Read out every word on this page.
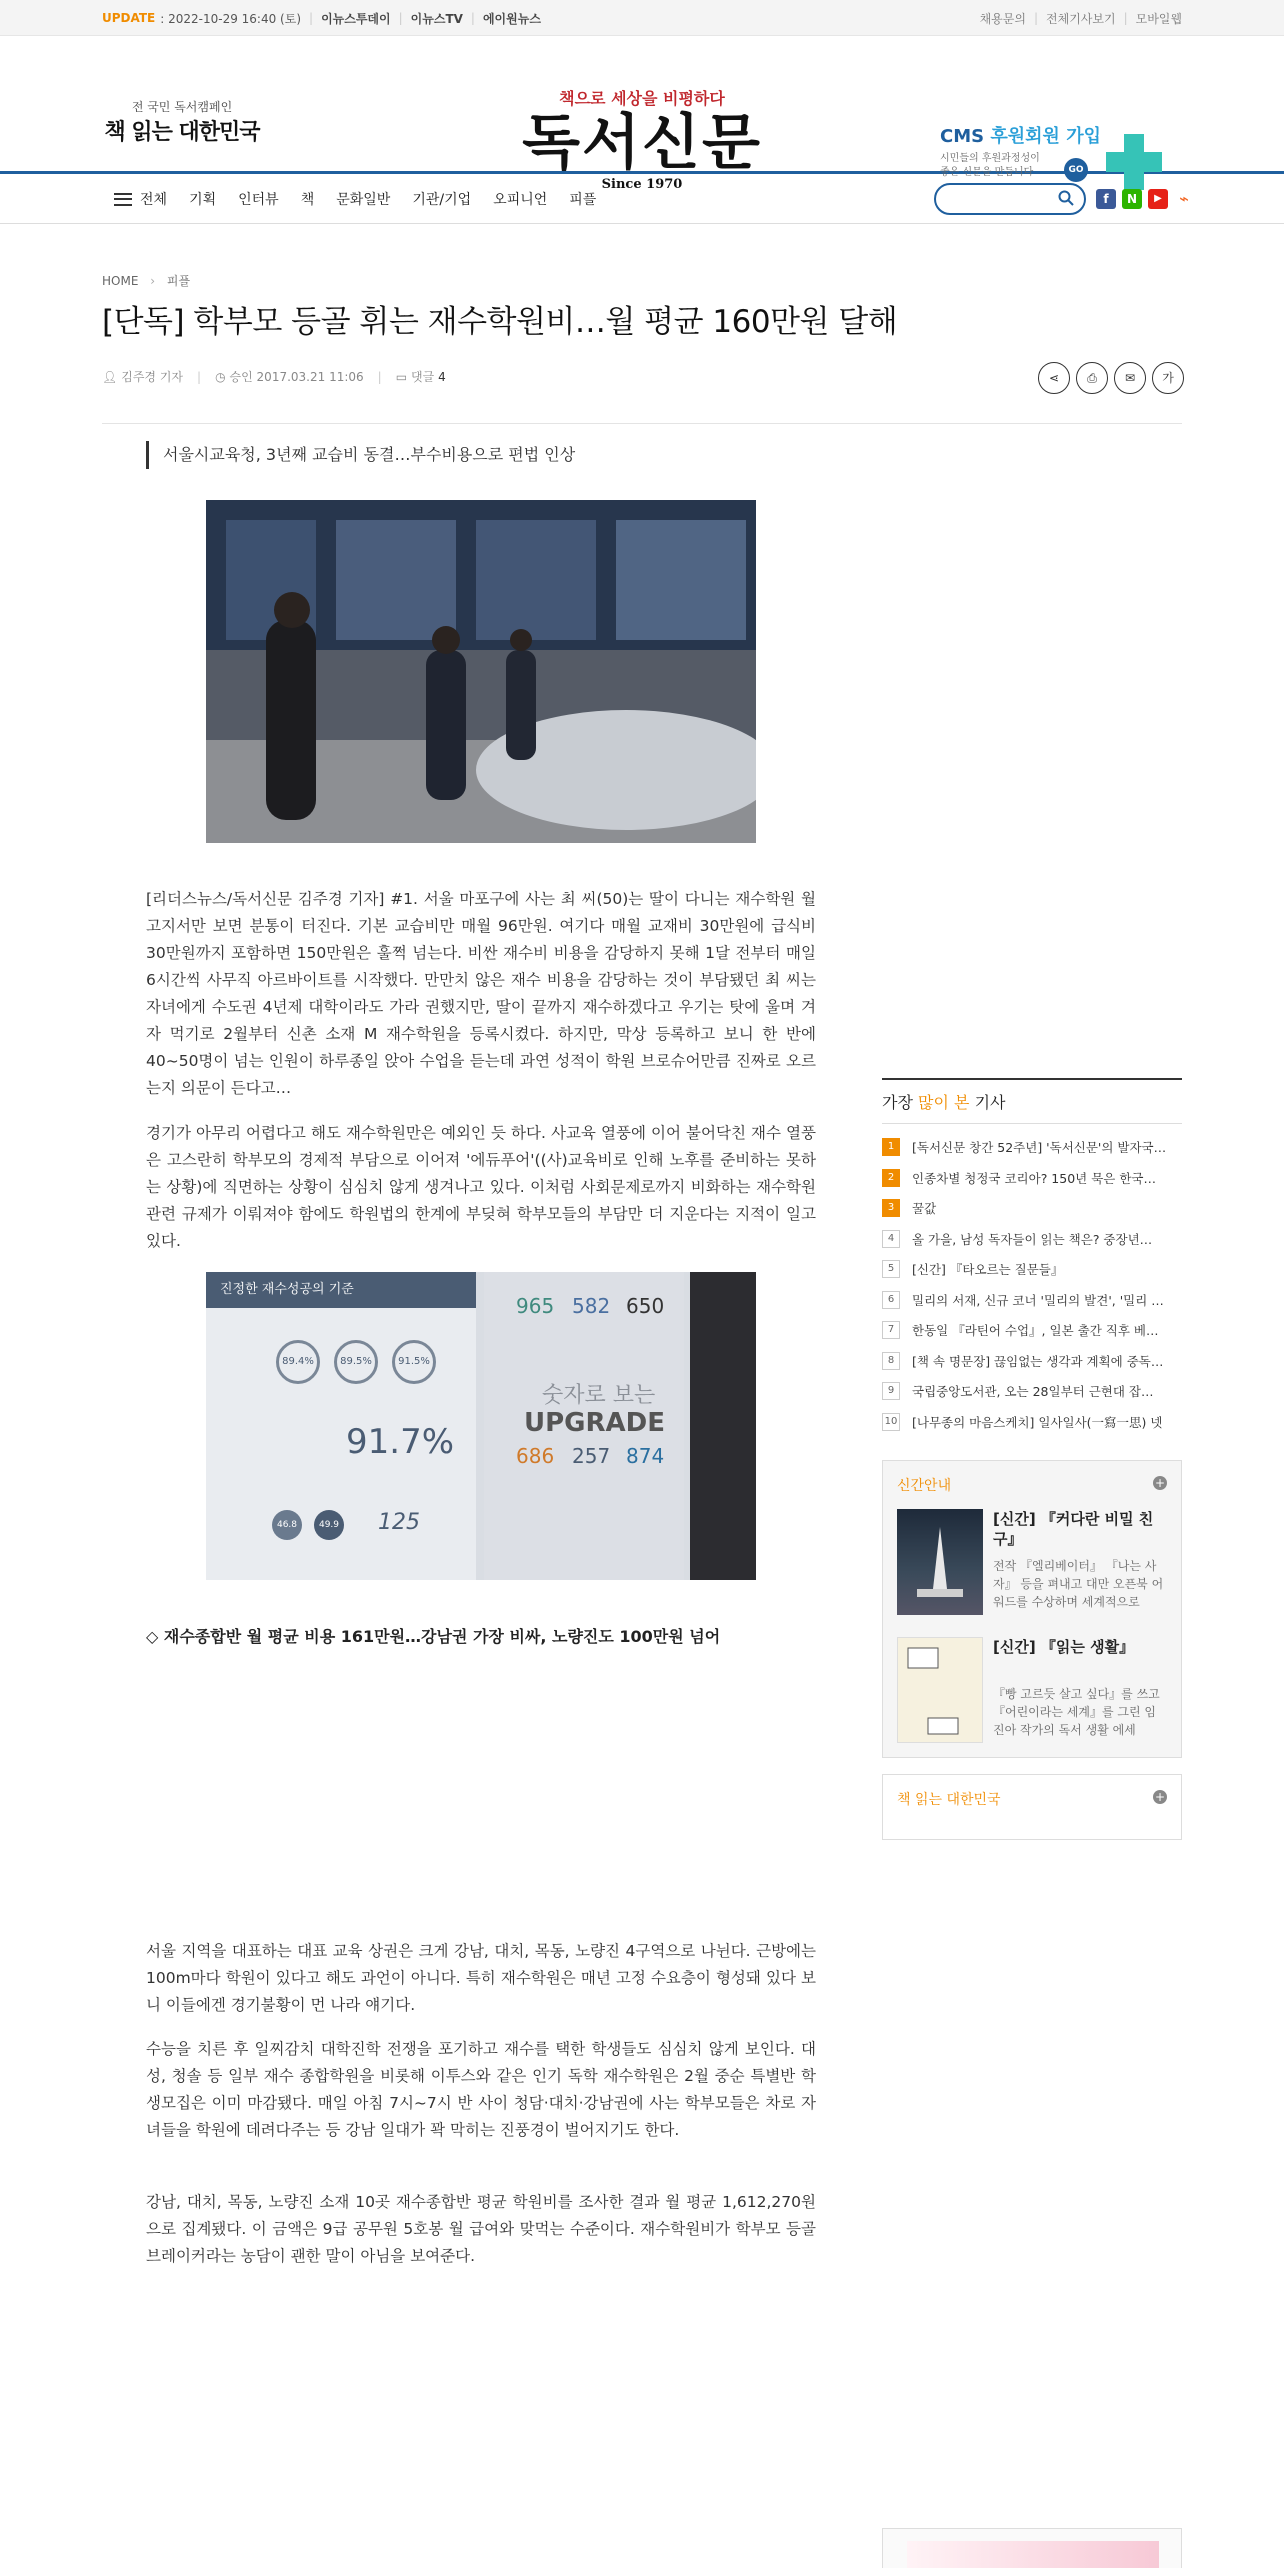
UPDATE : 2022-10-29 16:40 (토) | 이뉴스투데이 | 이뉴스TV | 에이원뉴스	채용문의 | 전체기사보기 | 모바일웹
전 국민 독서캠페인
책 읽는 대한민국
책으로 세상을 비평하다
독서신문
Since 1970
CMS 후원회원 가입
시민들의 후원과정성이
좋은 신문을 만듭니다	GO
전체 기획 인터뷰 책 문화일반 기관/기업 오피니언 피플	f	N	▶	⌁
HOME › 피플
[단독] 학부모 등골 휘는 재수학원비…월 평균 160만원 달해
👤︎ 김주경 기자 | ◷ 승인 2017.03.21 11:06 | ▭ 댓글 4	⋖	⎙	✉	가
서울시교육청, 3년째 교습비 동결…부수비용으로 편법 인상

[리더스뉴스/독서신문 김주경 기자] #1. 서울 마포구에 사는 최 씨(50)는 딸이 다니는 재수학원 월 고지서만 보면 분통이 터진다. 기본 교습비만 매월 96만원. 여기다 매월 교재비 30만원에 급식비 30만원까지 포함하면 150만원은 훌쩍 넘는다. 비싼 재수비 비용을 감당하지 못해 1달 전부터 매일 6시간씩 사무직 아르바이트를 시작했다. 만만치 않은 재수 비용을 감당하는 것이 부담됐던 최 씨는 자녀에게 수도권 4년제 대학이라도 가라 권했지만, 딸이 끝까지 재수하겠다고 우기는 탓에 울며 겨자 먹기로 2월부터 신촌 소재 M 재수학원을 등록시켰다. 하지만, 막상 등록하고 보니 한 반에 40~50명이 넘는 인원이 하루종일 앉아 수업을 듣는데 과연 성적이 학원 브로슈어만큼 진짜로 오르는지 의문이 든다고…

경기가 아무리 어렵다고 해도 재수학원만은 예외인 듯 하다. 사교육 열풍에 이어 불어닥친 재수 열풍은 고스란히 학부모의 경제적 부담으로 이어져 '에듀푸어'((사)교육비로 인해 노후를 준비하는 못하는 상황)에 직면하는 상황이 심심치 않게 생겨나고 있다. 이처럼 사회문제로까지 비화하는 재수학원 관련 규제가 이뤄져야 함에도 학원법의 한계에 부딪혀 학부모들의 부담만 더 지운다는 지적이 일고 있다.

진정한 재수성공의 기준
89.4%	89.5%	91.5%
91.7%
46.8	49.9 125
965 582 650
숫자로 보는
UPGRADE
686 257 874
◇ 재수종합반 월 평균 비용 161만원…강남권 가장 비싸, 노량진도 100만원 넘어

서울 지역을 대표하는 대표 교육 상권은 크게 강남, 대치, 목동, 노량진 4구역으로 나뉜다. 근방에는 100m마다 학원이 있다고 해도 과언이 아니다. 특히 재수학원은 매년 고정 수요층이 형성돼 있다 보니 이들에겐 경기불황이 먼 나라 얘기다.

수능을 치른 후 일찌감치 대학진학 전쟁을 포기하고 재수를 택한 학생들도 심심치 않게 보인다. 대성, 청솔 등 일부 재수 종합학원을 비롯해 이투스와 같은 인기 독학 재수학원은 2월 중순 특별반 학생모집은 이미 마감됐다. 매일 아침 7시~7시 반 사이 청담·대치·강남권에 사는 학부모들은 차로 자녀들을 학원에 데려다주는 등 강남 일대가 꽉 막히는 진풍경이 벌어지기도 한다.

강남, 대치, 목동, 노량진 소재 10곳 재수종합반 평균 학원비를 조사한 결과 월 평균 1,612,270원으로 집계됐다. 이 금액은 9급 공무원 5호봉 월 급여와 맞먹는 수준이다. 재수학원비가 학부모 등골 브레이커라는 농담이 괜한 말이 아님을 보여준다.

가장 많이 본 기사
1	[독서신문 창간 52주년] '독서신문'의 발자국…
2	인종차별 청정국 코리아? 150년 묵은 한국…
3	꿀값
4	올 가을, 남성 독자들이 읽는 책은? 중장년…
5	[신간] 『타오르는 질문들』
6	밀리의 서재, 신규 코너 '밀리의 발견', '밀리 …
7	한동일 『라틴어 수업』, 일본 출간 직후 베…
8	[책 속 명문장] 끊임없는 생각과 계획에 중독…
9	국립중앙도서관, 오는 28일부터 근현대 잡…
10 [나무종의 마음스케치] 일사일사(一寫一思) 넷
신간안내	+
[신간] 『커다란 비밀 친구』
전작 『엘리베이터』 『나는 사자』 등을 펴내고 대만 오픈북 어워드를 수상하며 세계적으로
[신간] 『읽는 생활』
『빵 고르듯 살고 싶다』를 쓰고 『어린이라는 세계』를 그린 임진아 작가의 독서 생활 에세
책 읽는 대한민국	+
